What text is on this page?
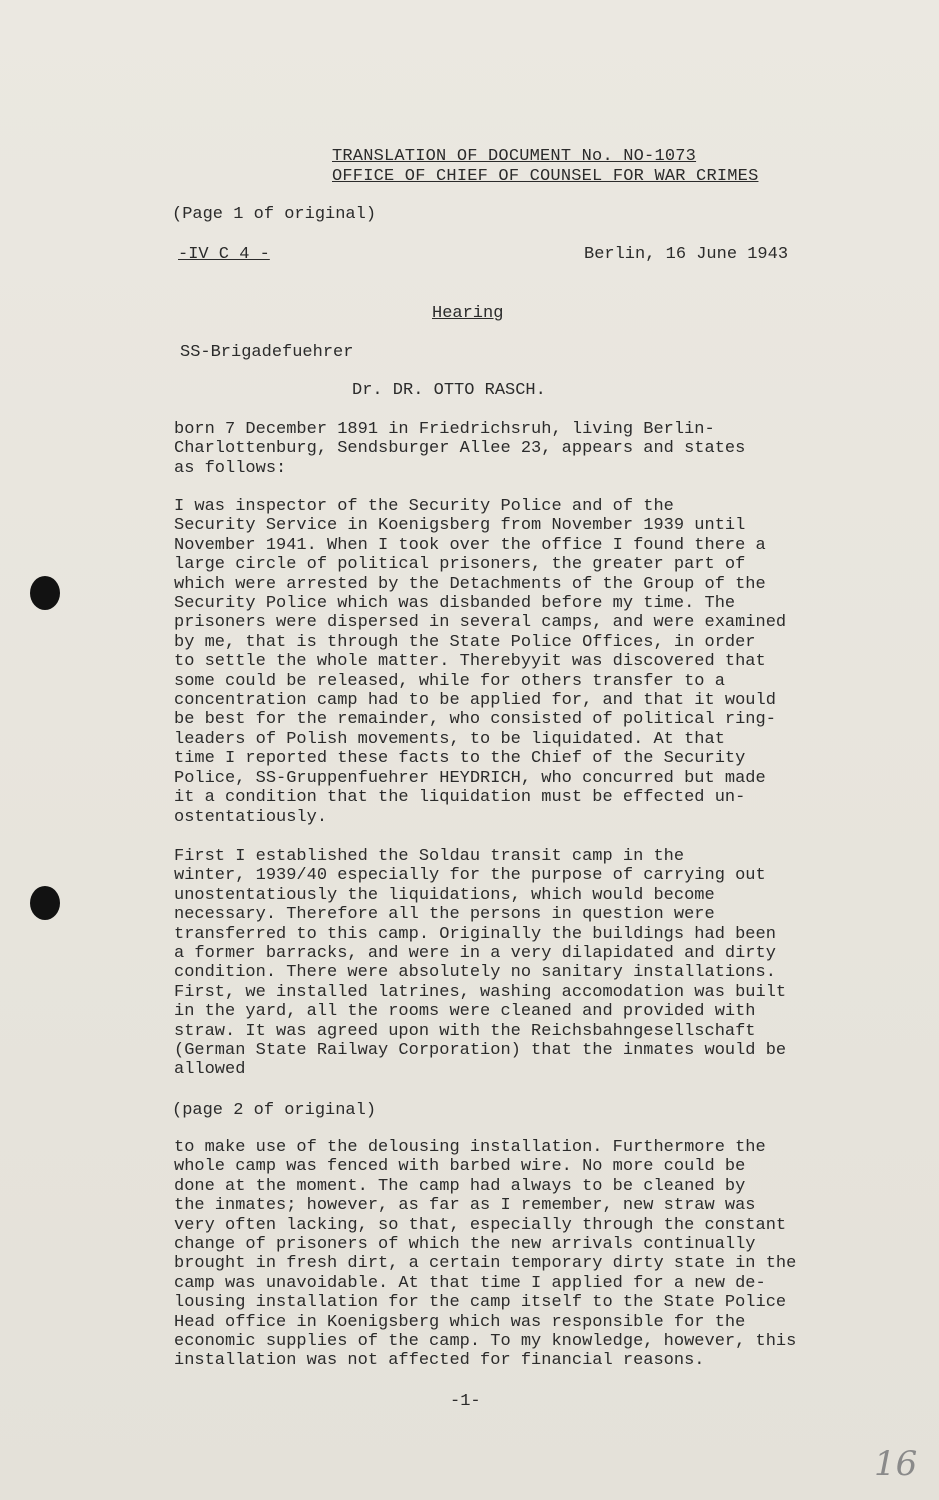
TRANSLATION OF DOCUMENT No. NO-1073
OFFICE OF CHIEF OF COUNSEL FOR WAR CRIMES
(Page 1 of original)
-IV C 4 -	Berlin, 16 June 1943
Hearing
SS-Brigadefuehrer
Dr. DR. OTTO RASCH.

born 7 December 1891 in Friedrichsruh, living Berlin-
Charlottenburg, Sendsburger Allee 23, appears and states
as follows:

I was inspector of the Security Police and of the
Security Service in Koenigsberg from November 1939 until
November 1941. When I took over the office I found there a
large circle of political prisoners, the greater part of
which were arrested by the Detachments of the Group of the
Security Police which was disbanded before my time. The
prisoners were dispersed in several camps, and were examined
by me, that is through the State Police Offices, in order
to settle the whole matter. Therebyyit was discovered that
some could be released, while for others transfer to a
concentration camp had to be applied for, and that it would
be best for the remainder, who consisted of political ring-
leaders of Polish movements, to be liquidated. At that
time I reported these facts to the Chief of the Security
Police, SS-Gruppenfuehrer HEYDRICH, who concurred but made
it a condition that the liquidation must be effected un-
ostentatiously.

First I established the Soldau transit camp in the
winter, 1939/40 especially for the purpose of carrying out
unostentatiously the liquidations, which would become
necessary. Therefore all the persons in question were
transferred to this camp. Originally the buildings had been
a former barracks, and were in a very dilapidated and dirty
condition. There were absolutely no sanitary installations.
First, we installed latrines, washing accomodation was built
in the yard, all the rooms were cleaned and provided with
straw. It was agreed upon with the Reichsbahngesellschaft
(German State Railway Corporation) that the inmates would be
allowed

(page 2 of original)

to make use of the delousing installation. Furthermore the
whole camp was fenced with barbed wire. No more could be
done at the moment. The camp had always to be cleaned by
the inmates; however, as far as I remember, new straw was
very often lacking, so that, especially through the constant
change of prisoners of which the new arrivals continually
brought in fresh dirt, a certain temporary dirty state in the
camp was unavoidable. At that time I applied for a new de-
lousing installation for the camp itself to the State Police
Head office in Koenigsberg which was responsible for the
economic supplies of the camp. To my knowledge, however, this
installation was not affected for financial reasons.

-1-
16
